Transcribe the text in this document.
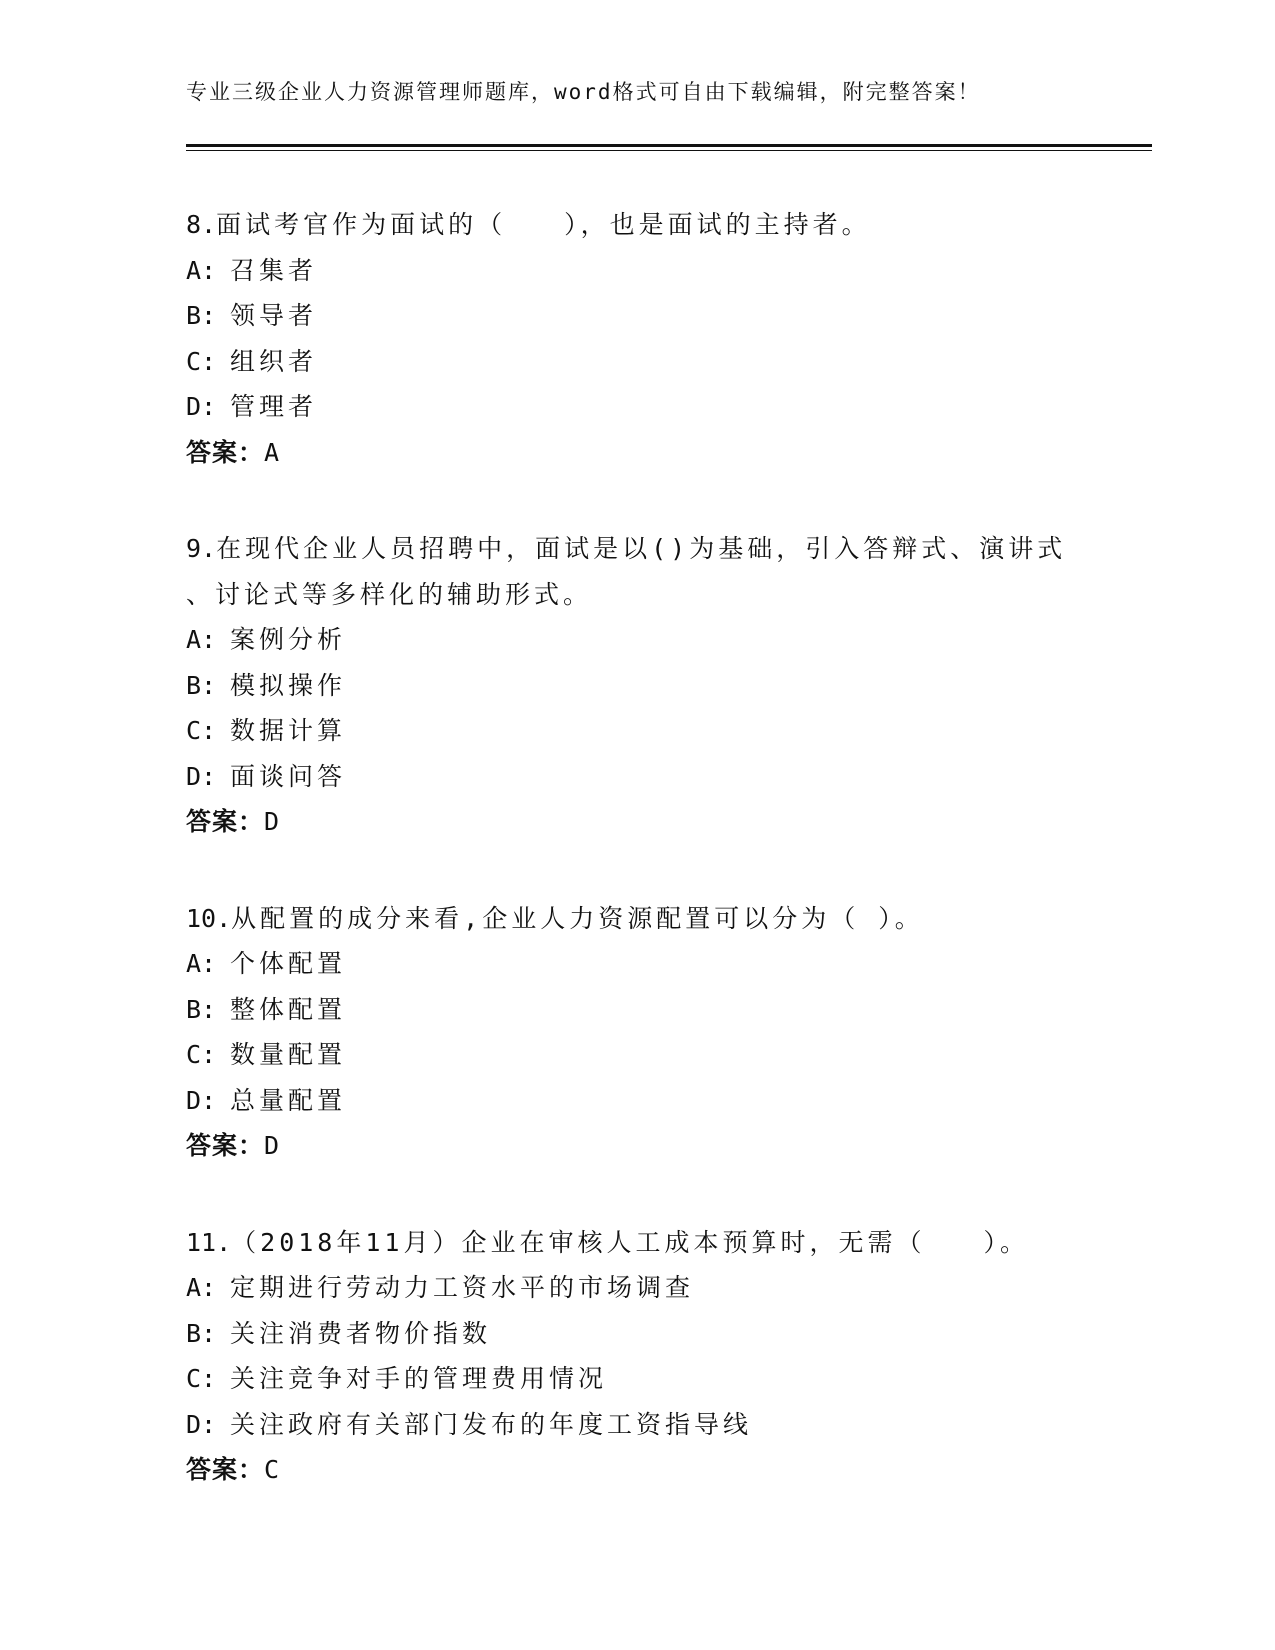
专业三级企业人力资源管理师题库，word格式可自由下载编辑，附完整答案！
8.面试考官作为面试的（　　），也是面试的主持者。
A: 召集者
B: 领导者
C: 组织者
D: 管理者
答案：A
9.在现代企业人员招聘中，面试是以()为基础，引入答辩式、演讲式
、讨论式等多样化的辅助形式。
A: 案例分析
B: 模拟操作
C: 数据计算
D: 面谈问答
答案：D
10.从配置的成分来看,企业人力资源配置可以分为（ ）。
A: 个体配置
B: 整体配置
C: 数量配置
D: 总量配置
答案：D
11.（2018年11月）企业在审核人工成本预算时，无需（　　）。
A: 定期进行劳动力工资水平的市场调查
B: 关注消费者物价指数
C: 关注竞争对手的管理费用情况
D: 关注政府有关部门发布的年度工资指导线
答案：C
